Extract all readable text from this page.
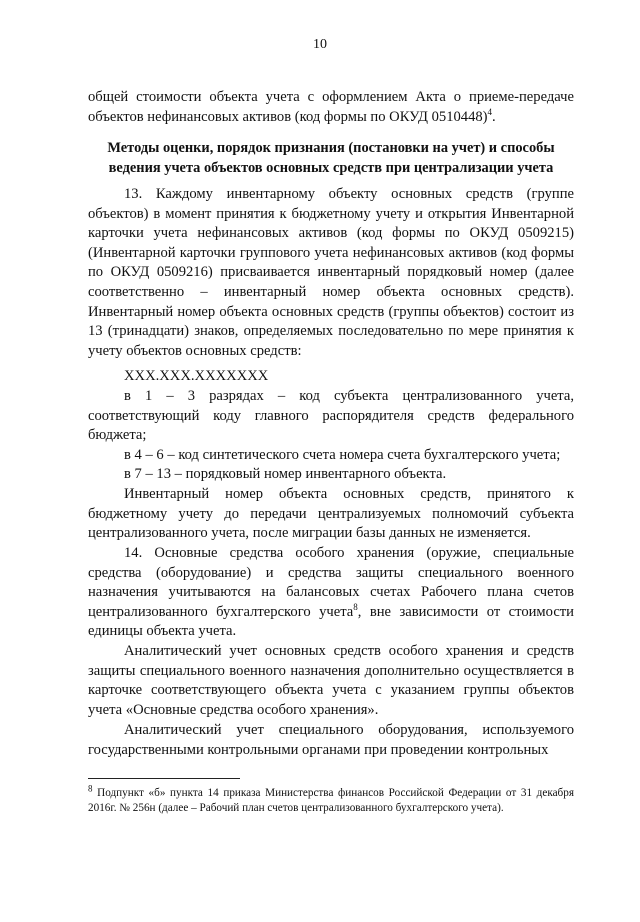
10

общей стоимости объекта учета с оформлением Акта о приеме-передаче объектов нефинансовых активов (код формы по ОКУД 0510448)$^4$.

Методы оценки, порядок признания (постановки на учет) и способы
ведения учета объектов основных средств при централизации учета

13. Каждому инвентарному объекту основных средств (группе объектов) в момент принятия к бюджетному учету и открытия Инвентарной карточки учета нефинансовых активов (код формы по ОКУД 0509215) (Инвентарной карточки группового учета нефинансовых активов (код формы по ОКУД 0509216) присваивается инвентарный порядковый номер (далее соответственно – инвентарный номер объекта основных средств). Инвентарный номер объекта основных средств (группы объектов) состоит из 13 (тринадцати) знаков, определяемых последовательно по мере принятия к учету объектов основных средств:

ХХХ.ХХХ.ХХХХХХХ

в 1 – 3 разрядах – код субъекта централизованного учета, соответствующий коду главного распорядителя средств федерального бюджета;

в 4 – 6 – код синтетического счета номера счета бухгалтерского учета;

в 7 – 13 – порядковый номер инвентарного объекта.

Инвентарный номер объекта основных средств, принятого к бюджетному учету до передачи централизуемых полномочий субъекта централизованного учета, после миграции базы данных не изменяется.

14. Основные средства особого хранения (оружие, специальные средства (оборудование) и средства защиты специального военного назначения учитываются на балансовых счетах Рабочего плана счетов централизованного бухгалтерского учета$^8$, вне зависимости от стоимости единицы объекта учета.

Аналитический учет основных средств особого хранения и средств защиты специального военного назначения дополнительно осуществляется в карточке соответствующего объекта учета с указанием группы объектов учета «Основные средства особого хранения».

Аналитический учет специального оборудования, используемого государственными контрольными органами при проведении контрольных

$^8$ Подпункт «б» пункта 14 приказа Министерства финансов Российской Федерации от 31 декабря 2016г. № 256н (далее – Рабочий план счетов централизованного бухгалтерского учета).
